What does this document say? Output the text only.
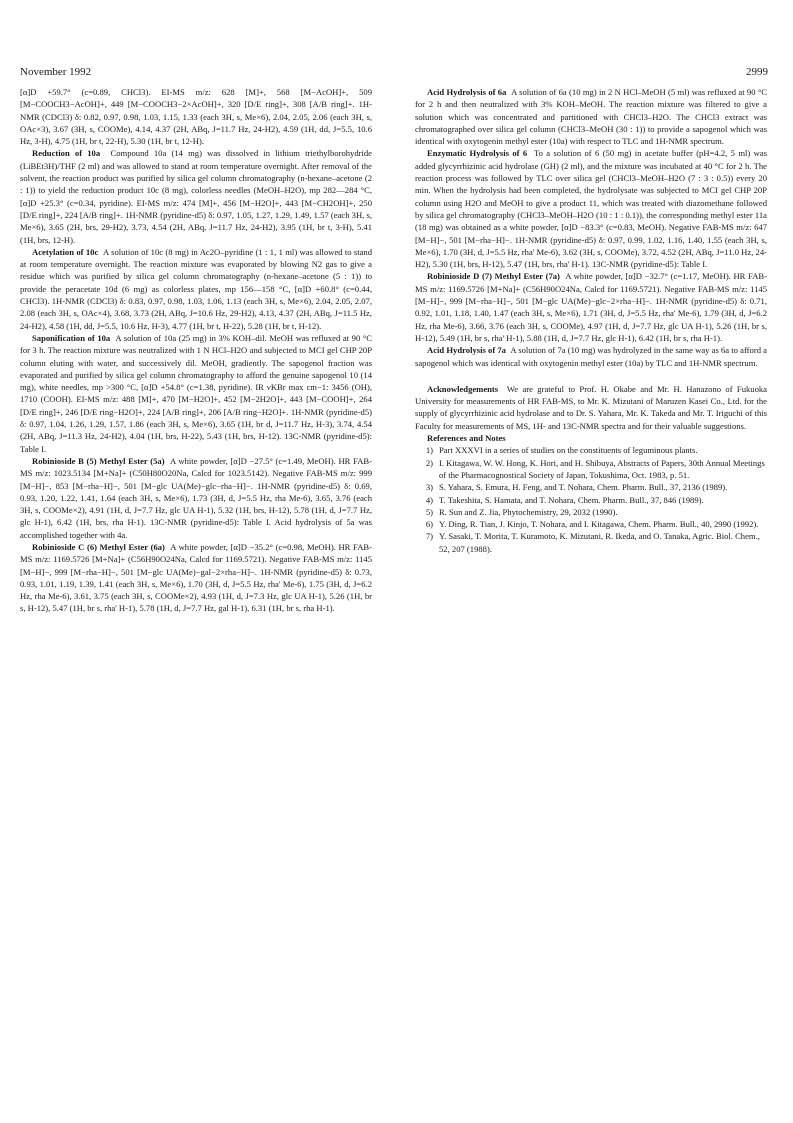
November 1992	2999

[α]D +59.7° (c=0.89, CHCl3). EI-MS m/z: 628 [M]+, 568 [M−AcOH]+, 509 [M−COOCH3−AcOH]+, 449 [M−COOCH3−2×AcOH]+, 320 [D/E ring]+, 308 [A/B ring]+. 1H-NMR (CDCl3) δ: 0.82, 0.97, 0.98, 1.03, 1.15, 1.33 (each 3H, s, Me×6), 2.04, 2.05, 2.06 (each 3H, s, OAc×3), 3.67 (3H, s, COOMe), 4.14, 4.37 (2H, ABq, J=11.7 Hz, 24-H2), 4.59 (1H, dd, J=5.5, 10.6 Hz, 3-H), 4.75 (1H, br t, 22-H), 5.30 (1H, br t, 12-H).

Reduction of 10a Compound 10a (14 mg) was dissolved in lithium triethylborohydride (LiBEt3H)/THF (2 ml) and was allowed to stand at room temperature overnight. After removal of the solvent, the reaction product was purified by silica gel column chromatography (n-hexane–acetone (2 : 1)) to yield the reduction product 10c (8 mg), colorless needles (MeOH–H2O), mp 282—284 °C, [α]D +25.3° (c=0.34, pyridine). EI-MS m/z: 474 [M]+, 456 [M−H2O]+, 443 [M−CH2OH]+, 250 [D/E ring]+, 224 [A/B ring]+. 1H-NMR (pyridine-d5) δ: 0.97, 1.05, 1.27, 1.29, 1.49, 1.57 (each 3H, s, Me×6), 3.65 (2H, brs, 29-H2), 3.73, 4.54 (2H, ABq, J=11.7 Hz, 24-H2), 3.95 (1H, br t, 3-H), 5.41 (1H, brs, 12-H).

Acetylation of 10c A solution of 10c (8 mg) in Ac2O–pyridine (1 : 1, 1 ml) was allowed to stand at room temperature overnight. The reaction mixture was evaporated by blowing N2 gas to give a residue which was purified by silica gel column chromatography (n-hexane–acetone (5 : 1)) to provide the peracetate 10d (6 mg) as colorless plates, mp 156—158 °C, [α]D +60.8° (c=0.44, CHCl3). 1H-NMR (CDCl3) δ: 0.83, 0.97, 0.98, 1.03, 1.06, 1.13 (each 3H, s, Me×6), 2.04, 2.05, 2.07, 2.08 (each 3H, s, OAc×4), 3.68, 3.73 (2H, ABq, J=10.6 Hz, 29-H2), 4.13, 4.37 (2H, ABq, J=11.5 Hz, 24-H2), 4.58 (1H, dd, J=5.5, 10.6 Hz, H-3), 4.77 (1H, br t, H-22), 5.28 (1H, br t, H-12).

Saponification of 10a A solution of 10a (25 mg) in 3% KOH–dil. MeOH was refluxed at 90 °C for 3 h. The reaction mixture was neutralized with 1 N HCl–H2O and subjected to MCI gel CHP 20P column eluting with water, and successively dil. MeOH, gradiently. The sapogenol fraction was evaporated and purified by silica gel column chromatography to afford the genuine sapogenol 10 (14 mg), white needles, mp >300 °C, [α]D +54.8° (c=1.38, pyridine). IR νKBr max cm−1: 3456 (OH), 1710 (COOH). EI-MS m/z: 488 [M]+, 470 [M−H2O]+, 452 [M−2H2O]+, 443 [M−COOH]+, 264 [D/E ring]+, 246 [D/E ring−H2O]+, 224 [A/B ring]+, 206 [A/B ring−H2O]+. 1H-NMR (pyridine-d5) δ: 0.97, 1.04, 1.26, 1.29, 1.57, 1.86 (each 3H, s, Me×6), 3.65 (1H, br d, J=11.7 Hz, H-3), 3.74, 4.54 (2H, ABq, J=11.3 Hz, 24-H2), 4.04 (1H, brs, H-22), 5.43 (1H, brs, H-12). 13C-NMR (pyridine-d5): Table I.

Robinioside B (5) Methyl Ester (5a) A white powder, [α]D −27.5° (c=1.49, MeOH). HR FAB-MS m/z: 1023.5134 [M+Na]+ (C50H80O20Na, Calcd for 1023.5142). Negative FAB-MS m/z: 999 [M−H]−, 853 [M−rha−H]−, 501 [M−glc UA(Me)−glc−rha−H]−. 1H-NMR (pyridine-d5) δ: 0.69, 0.93, 1.20, 1.22, 1.41, 1.64 (each 3H, s, Me×6), 1.73 (3H, d, J=5.5 Hz, rha Me-6), 3.65, 3.76 (each 3H, s, COOMe×2), 4.91 (1H, d, J=7.7 Hz, glc UA H-1), 5.32 (1H, brs, H-12), 5.78 (1H, d, J=7.7 Hz, glc H-1), 6.42 (1H, brs, rha H-1). 13C-NMR (pyridine-d5): Table I. Acid hydrolysis of 5a was accomplished together with 4a.

Robinioside C (6) Methyl Ester (6a) A white powder, [α]D −35.2° (c=0.98, MeOH). HR FAB-MS m/z: 1169.5726 [M+Na]+ (C56H90O24Na, Calcd for 1169.5721). Negative FAB-MS m/z: 1145 [M−H]−, 999 [M−rha−H]−, 501 [M−glc UA(Me)−gal−2×rha−H]−. 1H-NMR (pyridine-d5) δ: 0.73, 0.93, 1.01, 1.19, 1.39, 1.41 (each 3H, s, Me×6), 1.70 (3H, d, J=5.5 Hz, rha' Me-6), 1.75 (3H, d, J=6.2 Hz, rha Me-6), 3.61, 3.75 (each 3H, s, COOMe×2), 4.93 (1H, d, J=7.3 Hz, glc UA H-1), 5.26 (1H, br s, H-12), 5.47 (1H, br s, rha' H-1), 5.78 (1H, d, J=7.7 Hz, gal H-1), 6.31 (1H, br s, rha H-1).

Acid Hydrolysis of 6a A solution of 6a (10 mg) in 2 N HCl–MeOH (5 ml) was refluxed at 90 °C for 2 h and then neutralized with 3% KOH–MeOH. The reaction mixture was filtered to give a solution which was concentrated and partitioned with CHCl3–H2O. The CHCl3 extract was chromatographed over silica gel column (CHCl3–MeOH (30 : 1)) to provide a sapogenol which was identical with oxytogenin methyl ester (10a) with respect to TLC and 1H-NMR spectrum.

Enzymatic Hydrolysis of 6 To a solution of 6 (50 mg) in acetate buffer (pH=4.2, 5 ml) was added glycyrrhizinic acid hydrolase (GH) (2 ml), and the mixture was incubated at 40 °C for 2 h. The reaction process was followed by TLC over silica gel (CHCl3–MeOH–H2O (7 : 3 : 0.5)) every 20 min. When the hydrolysis had been completed, the hydrolysate was subjected to MCI gel CHP 20P column using H2O and MeOH to give a product 11, which was treated with diazomethane followed by silica gel chromatography (CHCl3–MeOH–H2O (10 : 1 : 0.1)), the corresponding methyl ester 11a (18 mg) was obtained as a white powder, [α]D −83.3° (c=0.83, MeOH). Negative FAB-MS m/z: 647 [M−H]−, 501 [M−rha−H]−. 1H-NMR (pyridine-d5) δ: 0.97, 0.99, 1.02, 1.16, 1.40, 1.55 (each 3H, s, Me×6), 1.70 (3H, d, J=5.5 Hz, rha' Me-6), 3.62 (3H, s, COOMe), 3.72, 4.52 (2H, ABq, J=11.0 Hz, 24-H2), 5.30 (1H, brs, H-12), 5.47 (1H, brs, rha' H-1). 13C-NMR (pyridine-d5): Table I.

Robinioside D (7) Methyl Ester (7a) A white powder, [α]D −32.7° (c=1.17, MeOH). HR FAB-MS m/z: 1169.5726 [M+Na]+ (C56H90O24Na, Calcd for 1169.5721). Negative FAB-MS m/z: 1145 [M−H]−, 999 [M−rha−H]−, 501 [M−glc UA(Me)−glc−2×rha−H]−. 1H-NMR (pyridine-d5) δ: 0.71, 0.92, 1.01, 1.18, 1.40, 1.47 (each 3H, s, Me×6), 1.71 (3H, d, J=5.5 Hz, rha' Me-6), 1.79 (3H, d, J=6.2 Hz, rha Me-6), 3.66, 3.76 (each 3H, s, COOMe), 4.97 (1H, d, J=7.7 Hz, glc UA H-1), 5.26 (1H, br s, H-12), 5.49 (1H, br s, rha' H-1), 5.88 (1H, d, J=7.7 Hz, glc H-1), 6.42 (1H, br s, rha H-1).

Acid Hydrolysis of 7a A solution of 7a (10 mg) was hydrolyzed in the same way as 6a to afford a sapogenol which was identical with oxytogenin methyl ester (10a) by TLC and 1H-NMR spectrum.

Acknowledgements We are grateful to Prof. H. Okabe and Mr. H. Hanazono of Fukuoka University for measurements of HR FAB-MS, to Mr. K. Mizutani of Maruzen Kasei Co., Ltd. for the supply of glycyrrhizinic acid hydrolase and to Dr. S. Yahara, Mr. K. Takeda and Mr. T. Iriguchi of this Faculty for measurements of MS, 1H- and 13C-NMR spectra and for their valuable suggestions.

References and Notes

1) Part XXXVI in a series of studies on the constituents of leguminous plants.
2) I. Kitagawa, W. W. Hong, K. Hori, and H. Shibuya, Abstracts of Papers, 30th Annual Meetings of the Pharmacognostical Society of Japan, Tokushima, Oct. 1983, p. 51.
3) S. Yahara, S. Emura, H. Feng, and T. Nohara, Chem. Pharm. Bull., 37, 2136 (1989).
4) T. Takeshita, S. Hamata, and T. Nohara, Chem. Pharm. Bull., 37, 846 (1989).
5) R. Sun and Z. Jia, Phytochemistry, 29, 2032 (1990).
6) Y. Ding, R. Tian, J. Kinjo, T. Nohara, and I. Kitagawa, Chem. Pharm. Bull., 40, 2990 (1992).
7) Y. Sasaki, T. Morita, T. Kuramoto, K. Mizutani, R. Ikeda, and O. Tanaka, Agric. Biol. Chem., 52, 207 (1988).
